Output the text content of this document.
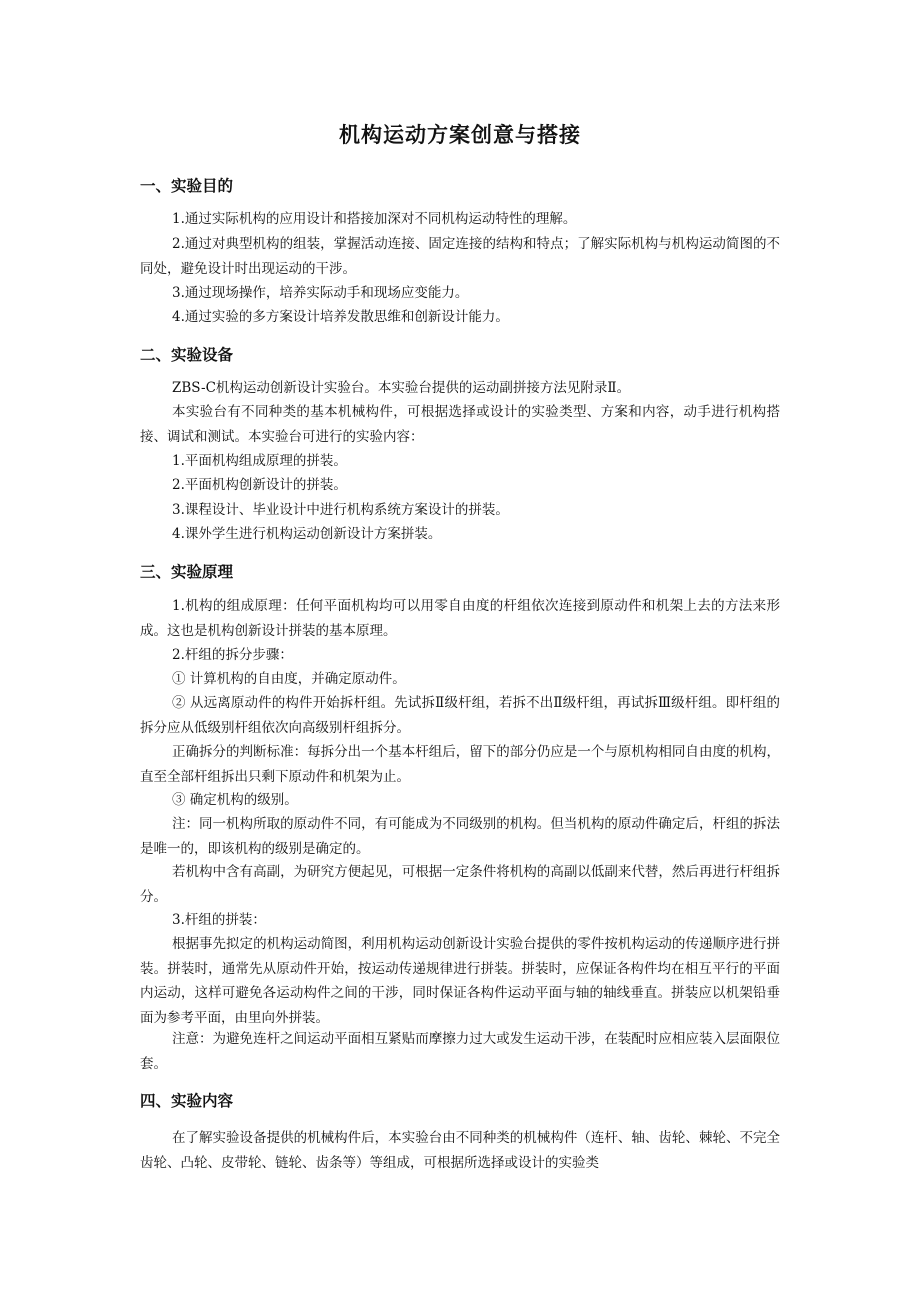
机构运动方案创意与搭接
一、实验目的
1.通过实际机构的应用设计和搭接加深对不同机构运动特性的理解。
2.通过对典型机构的组装，掌握活动连接、固定连接的结构和特点；了解实际机构与机构运动简图的不同处，避免设计时出现运动的干涉。
3.通过现场操作，培养实际动手和现场应变能力。
4.通过实验的多方案设计培养发散思维和创新设计能力。
二、实验设备
ZBS-C机构运动创新设计实验台。本实验台提供的运动副拼接方法见附录Ⅱ。
本实验台有不同种类的基本机械构件，可根据选择或设计的实验类型、方案和内容，动手进行机构搭接、调试和测试。本实验台可进行的实验内容：
1.平面机构组成原理的拼装。
2.平面机构创新设计的拼装。
3.课程设计、毕业设计中进行机构系统方案设计的拼装。
4.课外学生进行机构运动创新设计方案拼装。
三、实验原理
1.机构的组成原理：任何平面机构均可以用零自由度的杆组依次连接到原动件和机架上去的方法来形成。这也是机构创新设计拼装的基本原理。
2.杆组的拆分步骤：
① 计算机构的自由度，并确定原动件。
② 从远离原动件的构件开始拆杆组。先试拆Ⅱ级杆组，若拆不出Ⅱ级杆组，再试拆Ⅲ级杆组。即杆组的拆分应从低级别杆组依次向高级别杆组拆分。
正确拆分的判断标准：每拆分出一个基本杆组后，留下的部分仍应是一个与原机构相同自由度的机构，直至全部杆组拆出只剩下原动件和机架为止。
③ 确定机构的级别。
注：同一机构所取的原动件不同，有可能成为不同级别的机构。但当机构的原动件确定后，杆组的拆法是唯一的，即该机构的级别是确定的。
若机构中含有高副，为研究方便起见，可根据一定条件将机构的高副以低副来代替，然后再进行杆组拆分。
3.杆组的拼装：
根据事先拟定的机构运动简图，利用机构运动创新设计实验台提供的零件按机构运动的传递顺序进行拼装。拼装时，通常先从原动件开始，按运动传递规律进行拼装。拼装时，应保证各构件均在相互平行的平面内运动，这样可避免各运动构件之间的干涉，同时保证各构件运动平面与轴的轴线垂直。拼装应以机架铅垂面为参考平面，由里向外拼装。
注意：为避免连杆之间运动平面相互紧贴而摩擦力过大或发生运动干涉，在装配时应相应装入层面限位套。
四、实验内容
在了解实验设备提供的机械构件后，本实验台由不同种类的机械构件（连杆、轴、齿轮、棘轮、不完全齿轮、凸轮、皮带轮、链轮、齿条等）等组成，可根据所选择或设计的实验类
